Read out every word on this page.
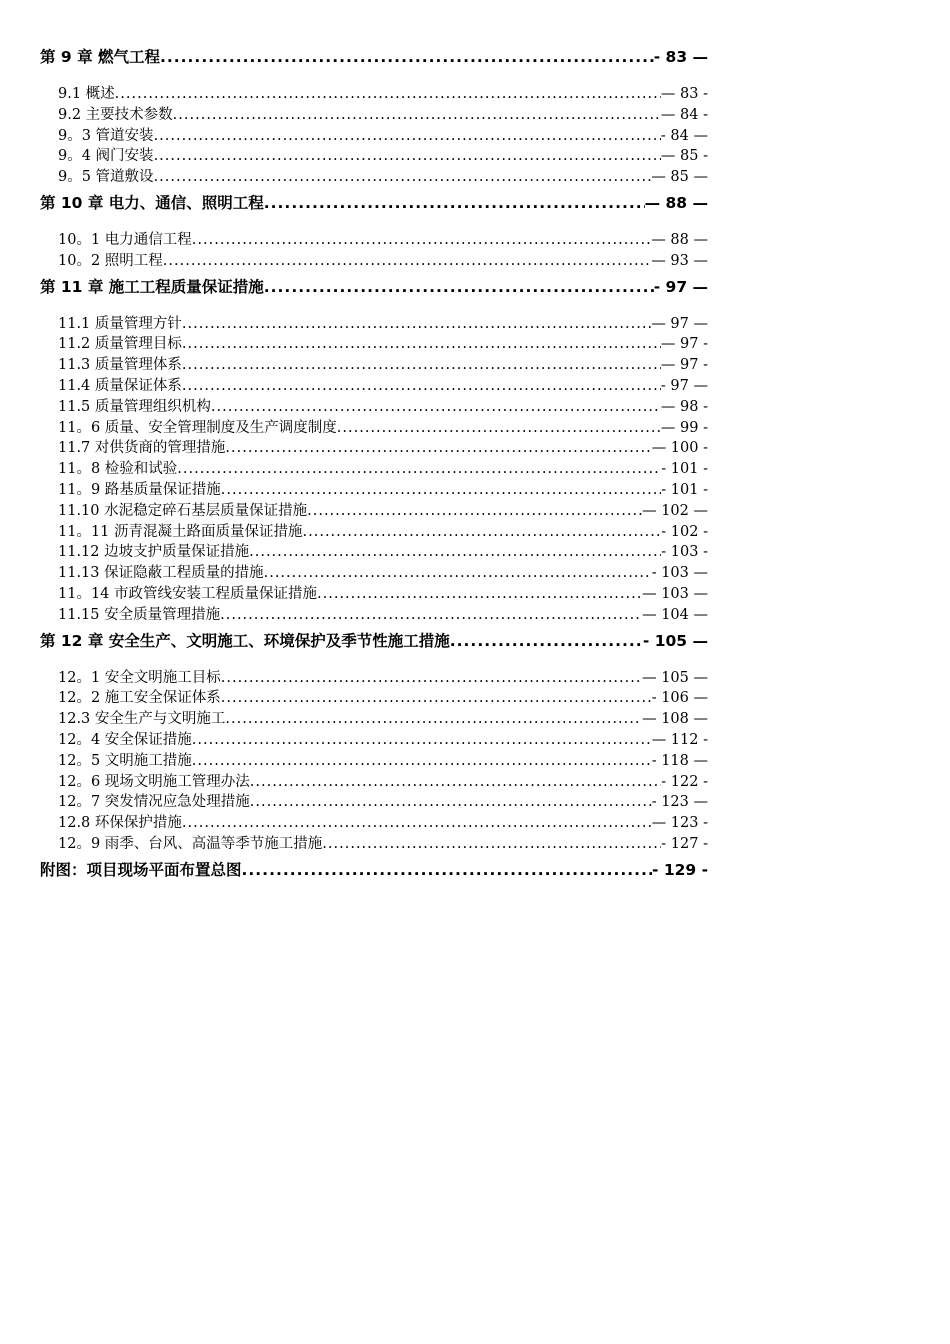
第 9 章 燃气工程 .....	- 83 —
9.1 概述 .....	— 83 -
9.2 主要技术参数 .....	— 84 -
9。3 管道安装 .....	- 84 —
9。4 阀门安装 .....	— 85 -
9。5 管道敷设 .....	— 85 —
第 10 章 电力、通信、照明工程 .....	— 88 —
10。1 电力通信工程 .....	— 88 —
10。2 照明工程 .....	— 93 —
第 11 章 施工工程质量保证措施 .....	- 97 —
11.1 质量管理方针 .....	— 97 —
11.2 质量管理目标 .....	— 97 -
11.3 质量管理体系 .....	— 97 -
11.4 质量保证体系 .....	- 97 —
11.5 质量管理组织机构 .....	— 98 -
11。6 质量、安全管理制度及生产调度制度 .....	— 99 -
11.7 对供货商的管理措施 .....	— 100 -
11。8 检验和试验 .....	- 101 -
11。9 路基质量保证措施 .....	- 101 -
11.10 水泥稳定碎石基层质量保证措施 .....	— 102 —
11。11 沥青混凝土路面质量保证措施 .....	- 102 -
11.12 边坡支护质量保证措施 .....	- 103 -
11.13 保证隐蔽工程质量的措施 .....	- 103 —
11。14 市政管线安装工程质量保证措施 .....	— 103 —
11.15 安全质量管理措施 .....	— 104 —
第 12 章 安全生产、文明施工、环境保护及季节性施工措施 .....	- 105 —
12。1 安全文明施工目标 .....	— 105 —
12。2 施工安全保证体系 .....	- 106 —
12.3 安全生产与文明施工 .....	— 108 —
12。4 安全保证措施 .....	— 112 -
12。5 文明施工措施 .....	- 118 —
12。6 现场文明施工管理办法 .....	- 122 -
12。7 突发情况应急处理措施 .....	- 123 —
12.8 环保保护措施 .....	— 123 -
12。9 雨季、台风、高温等季节施工措施 .....	- 127 -
附图：项目现场平面布置总图 .....	- 129 -
